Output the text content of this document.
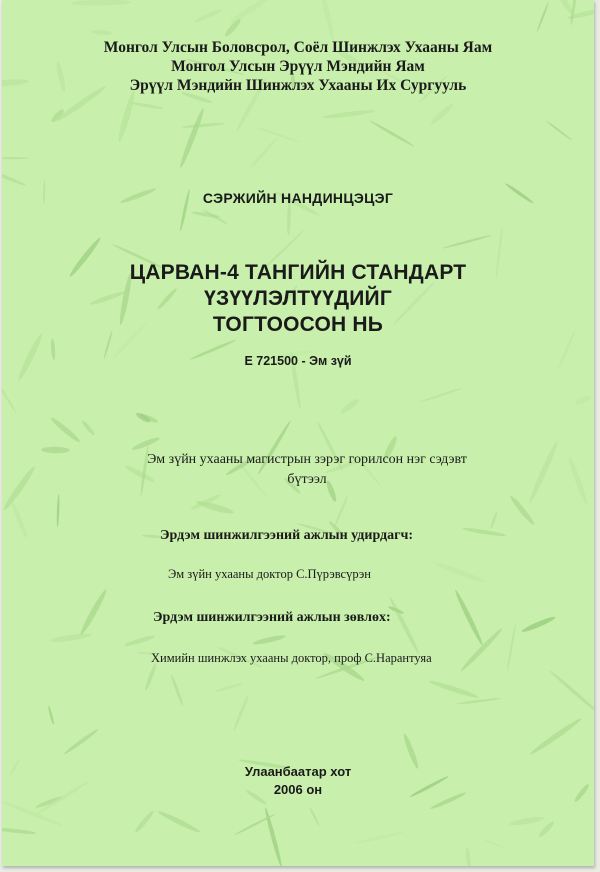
Монгол Улсын Боловсрол, Соёл Шинжлэх Ухааны Яам
Монгол Улсын Эрүүл Мэндийн Яам
Эрүүл Мэндийн Шинжлэх Ухааны Их Сургууль
СЭРЖИЙН НАНДИНЦЭЦЭГ
ЦАРВАН-4 ТАНГИЙН СТАНДАРТ
ҮЗҮҮЛЭЛТҮҮДИЙГ
ТОГТООСОН НЬ
Е 721500 - Эм зүй
Эм зүйн ухааны магистрын зэрэг горилсон нэг сэдэвт бүтээл
Эрдэм шинжилгээний ажлын удирдагч:
Эм зүйн ухааны доктор С.Пүрэвсүрэн
Эрдэм шинжилгээний ажлын зөвлөх:
Химийн шинжлэх ухааны доктор, проф С.Нарантуяа
Улаанбаатар хот
2006 он
